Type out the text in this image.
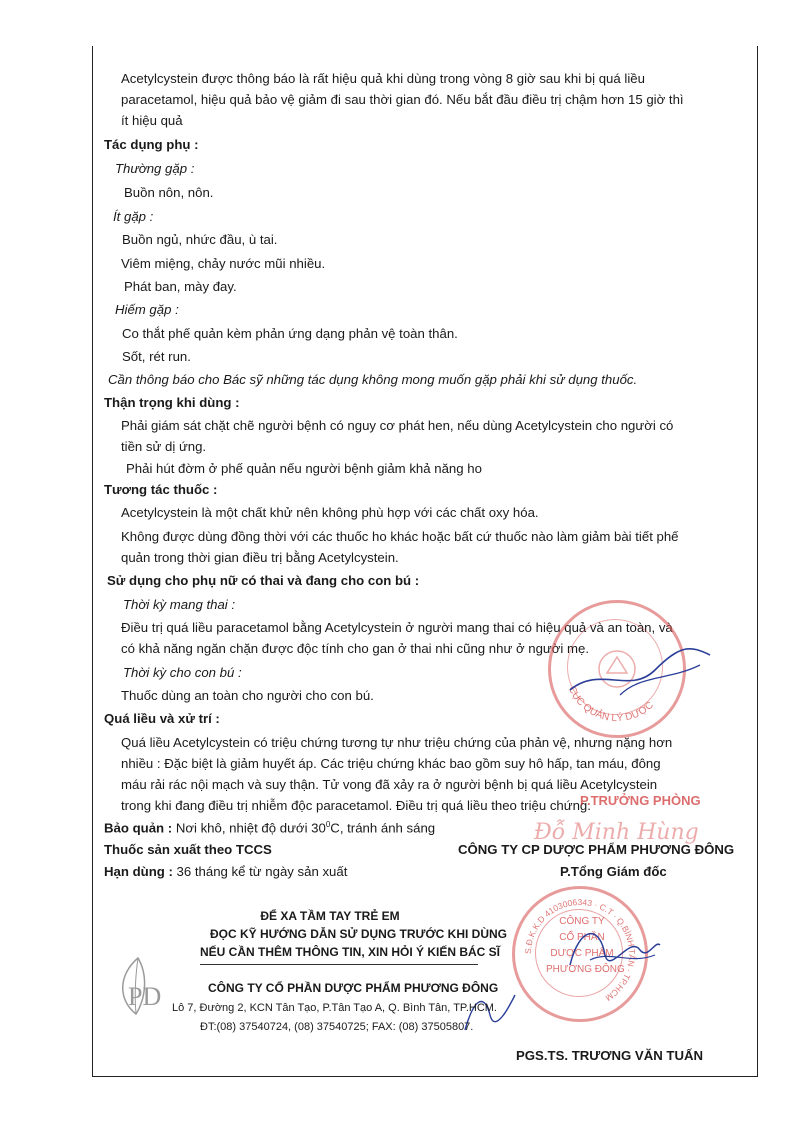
Acetylcystein được thông báo là rất hiệu quả khi dùng trong vòng 8 giờ sau khi bị quá liều
paracetamol, hiệu quả bảo vệ giảm đi sau thời gian đó. Nếu bắt đầu điều trị chậm hơn 15 giờ thì
ít hiệu quả
Tác dụng phụ :
Thường gặp :
Buồn nôn, nôn.
Ít gặp :
Buồn ngủ, nhức đầu, ù tai.
Viêm miệng, chảy nước mũi nhiều.
Phát ban, mày đay.
Hiếm gặp :
Co thắt phế quản kèm phản ứng dạng phản vệ toàn thân.
Sốt, rét run.
Cần thông báo cho Bác sỹ những tác dụng không mong muốn gặp phải khi sử dụng thuốc.
Thận trọng khi dùng :
Phải giám sát chặt chẽ người bệnh có nguy cơ phát hen, nếu dùng Acetylcystein cho người có
tiền sử dị ứng.
Phải hút đờm ở phế quản nếu người bệnh giảm khả năng ho
Tương tác thuốc :
Acetylcystein là một chất khử nên không phù hợp với các chất oxy hóa.
Không được dùng đồng thời với các thuốc ho khác hoặc bất cứ thuốc nào làm giảm bài tiết phế
quản trong thời gian điều trị bằng Acetylcystein.
Sử dụng cho phụ nữ có thai và đang cho con bú :
Thời kỳ mang thai :
Điều trị quá liều paracetamol bằng Acetylcystein ở người mang thai có hiệu quả và an toàn, và
có khả năng ngăn chặn được độc tính cho gan ở thai nhi cũng như ở người mẹ.
Thời kỳ cho con bú :
Thuốc dùng an toàn cho người cho con bú.
Quá liều và xử trí :
Quá liều Acetylcystein có triệu chứng tương tự như triệu chứng của phản vệ, nhưng nặng hơn
nhiều : Đặc biệt là giảm huyết áp. Các triệu chứng khác bao gồm suy hô hấp, tan máu, đông
máu rải rác nội mạch và suy thận. Tử vong đã xảy ra ở người bệnh bị quá liều Acetylcystein
trong khi đang điều trị nhiễm độc paracetamol. Điều trị quá liều theo triệu chứng.
Bảo quản : Nơi khô, nhiệt độ dưới $30^0C$, tránh ánh sáng
Thuốc sản xuất theo TCCS
Hạn dùng : 36 tháng kể từ ngày sản xuất
CÔNG TY CP DƯỢC PHẨM PHƯƠNG ĐÔNG
P.Tổng Giám đốc
PGS.TS. TRƯƠNG VĂN TUẤN
CỤC QUẢN LÝ DƯỢC
P.TRƯỞNG PHÒNG
Đỗ Minh Hùng
S.Đ.K.K.D 4103006343 · C.T · Q.BÌNH TÂN · TP.HCM
CÔNG TY
CỔ PHẦN
DƯỢC PHẨM
PHƯƠNG ĐÔNG
ĐỂ XA TẦM TAY TRẺ EM
ĐỌC KỸ HƯỚNG DẪN SỬ DỤNG TRƯỚC KHI DÙNG
NẾU CẦN THÊM THÔNG TIN, XIN HỎI Ý KIẾN BÁC SĨ
PD	CÔNG TY CỔ PHẦN DƯỢC PHẨM PHƯƠNG ĐÔNG
Lô 7, Đường 2, KCN Tân Tạo, P.Tân Tạo A, Q. Bình Tân, TP.HCM.
ĐT:(08) 37540724, (08) 37540725; FAX: (08) 37505807.
